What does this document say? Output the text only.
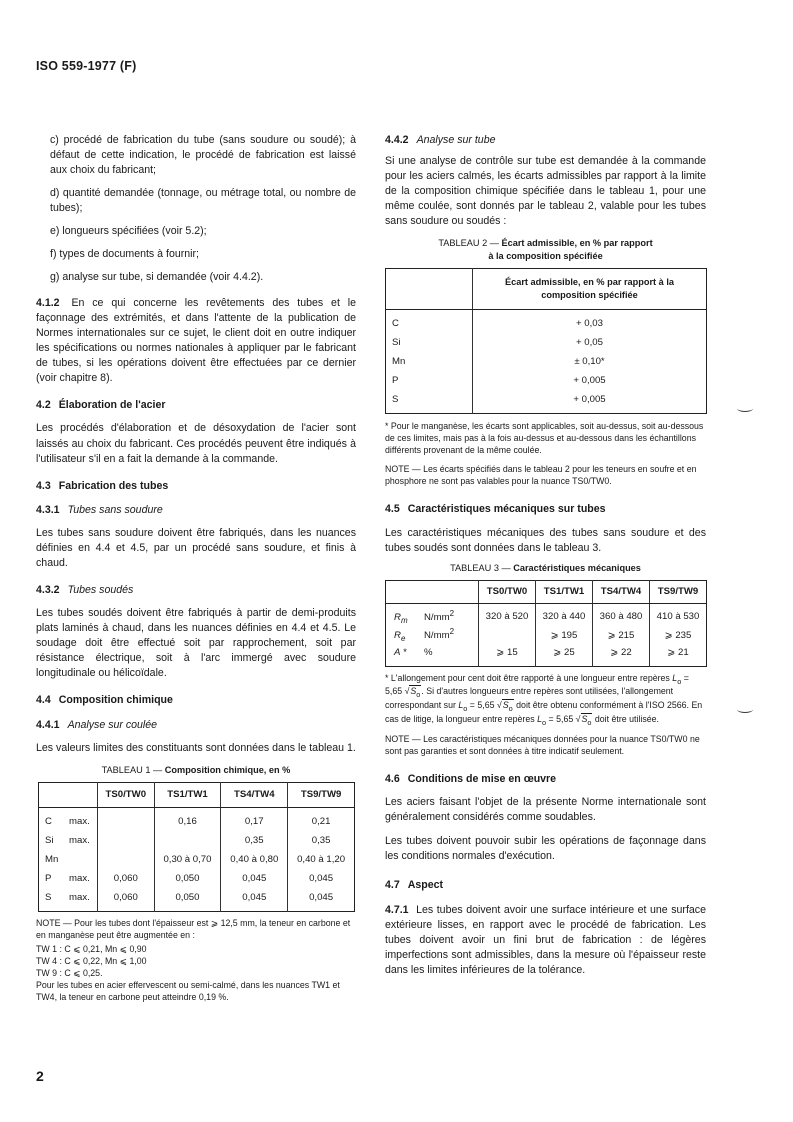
ISO 559-1977 (F)

c) procédé de fabrication du tube (sans soudure ou soudé); à défaut de cette indication, le procédé de fabrication est laissé aux choix du fabricant;

d) quantité demandée (tonnage, ou métrage total, ou nombre de tubes);

e) longueurs spécifiées (voir 5.2);

f) types de documents à fournir;

g) analyse sur tube, si demandée (voir 4.4.2).

4.1.2 En ce qui concerne les revêtements des tubes et le façonnage des extrémités, et dans l'attente de la publication de Normes internationales sur ce sujet, le client doit en outre indiquer les spécifications ou normes nationales à appliquer par le fabricant de tubes, si les opérations doivent être effectuées par ce dernier (voir chapitre 8).

4.2 Élaboration de l'acier

Les procédés d'élaboration et de désoxydation de l'acier sont laissés au choix du fabricant. Ces procédés peuvent être indiqués à l'utilisateur s'il en a fait la demande à la commande.

4.3 Fabrication des tubes
4.3.1 Tubes sans soudure

Les tubes sans soudure doivent être fabriqués, dans les nuances définies en 4.4 et 4.5, par un procédé sans soudure, et finis à chaud.

4.3.2 Tubes soudés

Les tubes soudés doivent être fabriqués à partir de demi-produits plats laminés à chaud, dans les nuances définies en 4.4 et 4.5. Le soudage doit être effectué soit par rapprochement, soit par résistance électrique, soit à l'arc immergé avec soudure longitudinale ou hélicoïdale.

4.4 Composition chimique
4.4.1 Analyse sur coulée

Les valeurs limites des constituants sont données dans le tableau 1.

TABLEAU 1 — Composition chimique, en %
	TS0/TW0	TS1/TW1	TS4/TW4	TS9/TW9
C max.		0,16	0,17	0,21
Si max.			0,35	0,35
Mn		0,30 à 0,70	0,40 à 0,80	0,40 à 1,20
P max.	0,060	0,050	0,045	0,045
S max.	0,060	0,050	0,045	0,045

NOTE — Pour les tubes dont l'épaisseur est ⩾ 12,5 mm, la teneur en carbone et en manganèse peut être augmentée en :

TW 1 : C ⩽ 0,21, Mn ⩽ 0,90

TW 4 : C ⩽ 0,22, Mn ⩽ 1,00

TW 9 : C ⩽ 0,25.

Pour les tubes en acier effervescent ou semi-calmé, dans les nuances TW1 et TW4, la teneur en carbone peut atteindre 0,19 %.

4.4.2 Analyse sur tube

Si une analyse de contrôle sur tube est demandée à la commande pour les aciers calmés, les écarts admissibles par rapport à la limite de la composition chimique spécifiée dans le tableau 1, pour une même coulée, sont donnés par le tableau 2, valable pour les tubes sans soudure ou soudés :

TABLEAU 2 — Écart admissible, en % par rapport
à la composition spécifiée
	Écart admissible, en % par rapport à la
composition spécifiée
C	+ 0,03
Si	+ 0,05
Mn	± 0,10*
P	+ 0,005
S	+ 0,005

* Pour le manganèse, les écarts sont applicables, soit au-dessus, soit au-dessous de ces limites, mais pas à la fois au-dessus et au-dessous dans les échantillons différents provenant de la même coulée.

NOTE — Les écarts spécifiés dans le tableau 2 pour les teneurs en soufre et en phosphore ne sont pas valables pour la nuance TS0/TW0.

4.5 Caractéristiques mécaniques sur tubes

Les caractéristiques mécaniques des tubes sans soudure et des tubes soudés sont données dans le tableau 3.

TABLEAU 3 — Caractéristiques mécaniques
	TS0/TW0	TS1/TW1	TS4/TW4	TS9/TW9
$R_m$ $N/mm^2$	320 à 520	320 à 440	360 à 480	410 à 530
$R_e$ $N/mm^2$		⩾ 195	⩾ 215	⩾ 235
A * %	⩾ 15	⩾ 25	⩾ 22	⩾ 21

* L'allongement pour cent doit être rapporté à une longueur entre repères $L_o = 5,65$ $√S_o$. Si d'autres longueurs entre repères sont utilisées, l'allongement correspondant sur $L_o = 5,65$ $√S_o$ doit être obtenu conformément à l'ISO 2566. En cas de litige, la longueur entre repères $L_o = 5,65$ $√S_o$ doit être utilisée.

NOTE — Les caractéristiques mécaniques données pour la nuance TS0/TW0 ne sont pas garanties et sont données à titre indicatif seulement.

4.6 Conditions de mise en œuvre

Les aciers faisant l'objet de la présente Norme internationale sont généralement considérés comme soudables.

Les tubes doivent pouvoir subir les opérations de façonnage dans les conditions normales d'exécution.

4.7 Aspect

4.7.1 Les tubes doivent avoir une surface intérieure et une surface extérieure lisses, en rapport avec le procédé de fabrication. Les tubes doivent avoir un fini brut de fabrication : de légères imperfections sont admissibles, dans la mesure où l'épaisseur reste dans les limites inférieures de la tolérance.

2
